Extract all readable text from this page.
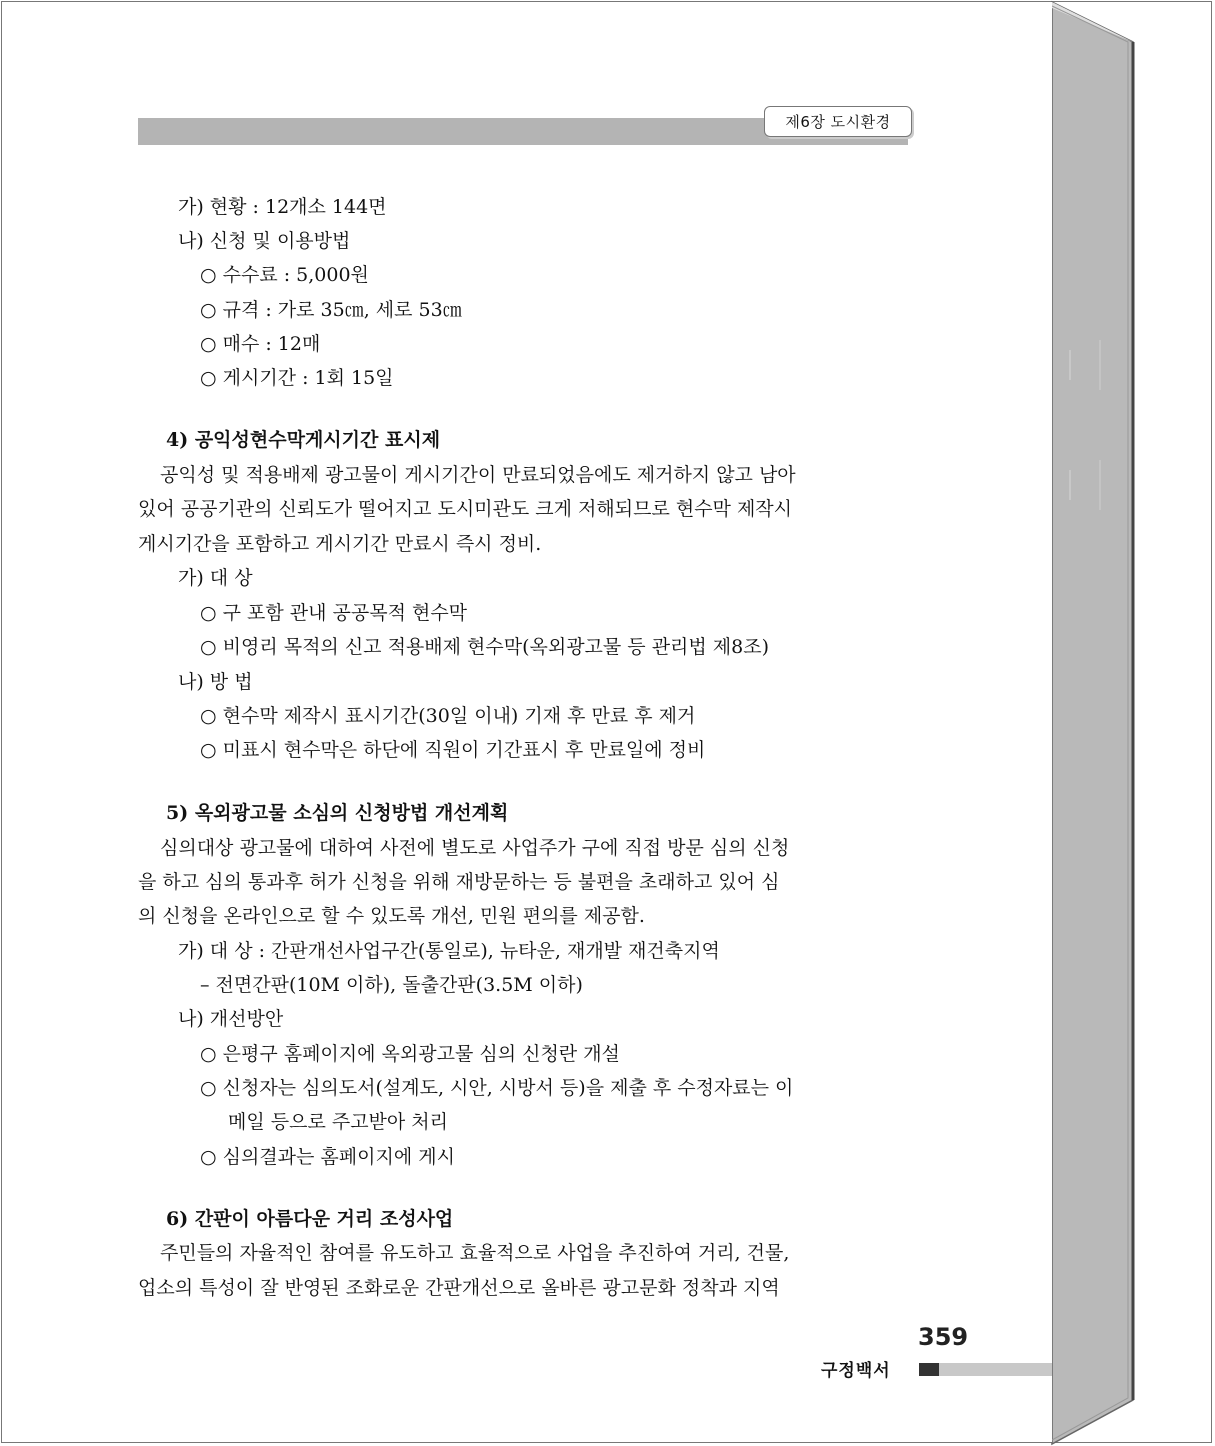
제6장 도시환경
가) 현황 : 12개소 144면
나) 신청 및 이용방법
○ 수수료 : 5,000원
○ 규격 : 가로 35㎝, 세로 53㎝
○ 매수 : 12매
○ 게시기간 : 1회 15일
4) 공익성현수막게시기간 표시제
공익성 및 적용배제 광고물이 게시기간이 만료되었음에도 제거하지 않고 남아
있어 공공기관의 신뢰도가 떨어지고 도시미관도 크게 저해되므로 현수막 제작시
게시기간을 포함하고 게시기간 만료시 즉시 정비.
가) 대 상
○ 구 포함 관내 공공목적 현수막
○ 비영리 목적의 신고 적용배제 현수막(옥외광고물 등 관리법 제8조)
나) 방 법
○ 현수막 제작시 표시기간(30일 이내) 기재 후 만료 후 제거
○ 미표시 현수막은 하단에 직원이 기간표시 후 만료일에 정비
5) 옥외광고물 소심의 신청방법 개선계획
심의대상 광고물에 대하여 사전에 별도로 사업주가 구에 직접 방문 심의 신청
을 하고 심의 통과후 허가 신청을 위해 재방문하는 등 불편을 초래하고 있어 심
의 신청을 온라인으로 할 수 있도록 개선, 민원 편의를 제공함.
가) 대 상 : 간판개선사업구간(통일로), 뉴타운, 재개발 재건축지역
– 전면간판(10M 이하), 돌출간판(3.5M 이하)
나) 개선방안
○ 은평구 홈페이지에 옥외광고물 심의 신청란 개설
○ 신청자는 심의도서(설계도, 시안, 시방서 등)을 제출 후 수정자료는 이
메일 등으로 주고받아 처리
○ 심의결과는 홈페이지에 게시
6) 간판이 아름다운 거리 조성사업
주민들의 자율적인 참여를 유도하고 효율적으로 사업을 추진하여 거리, 건물,
업소의 특성이 잘 반영된 조화로운 간판개선으로 올바른 광고문화 정착과 지역
359
구정백서
